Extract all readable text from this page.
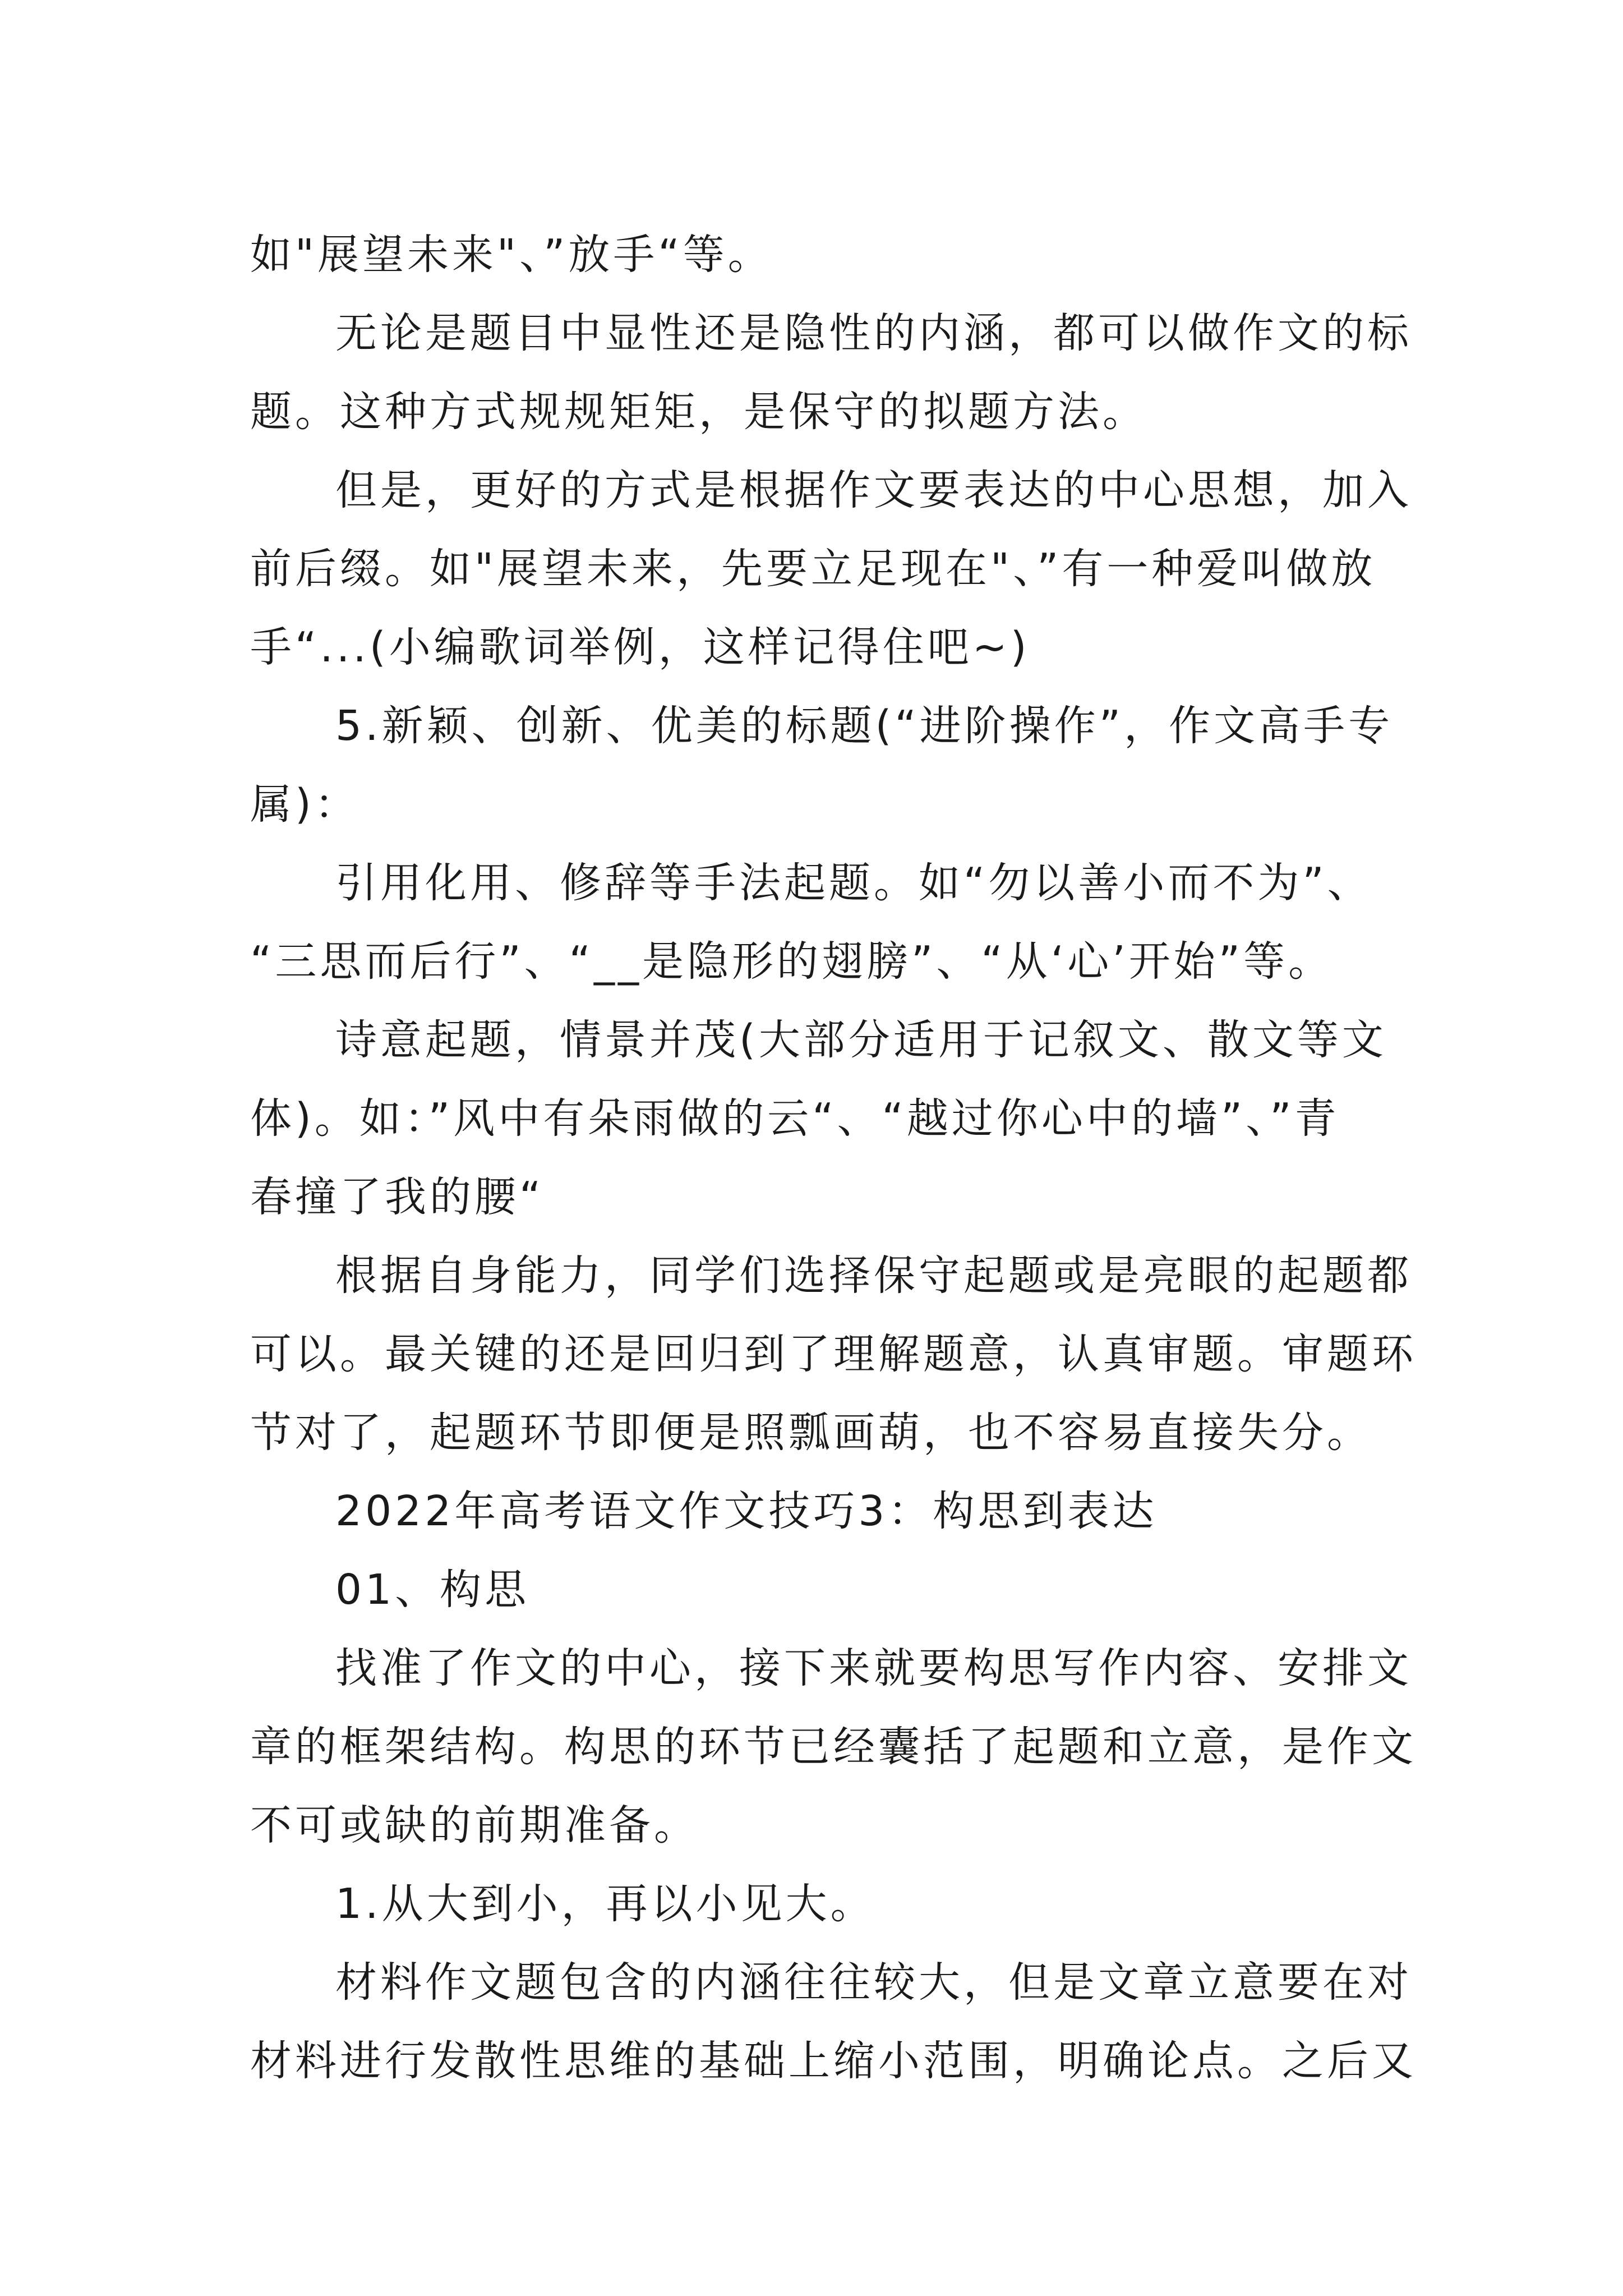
如"展望未来"、”放手“等。
无论是题目中显性还是隐性的内涵，都可以做作文的标
题。这种方式规规矩矩，是保守的拟题方法。
但是，更好的方式是根据作文要表达的中心思想，加入
前后缀。如"展望未来，先要立足现在"、”有一种爱叫做放
手“...(小编歌词举例，这样记得住吧~)
5.新颖、创新、优美的标题(“进阶操作”，作文高手专
属)：
引用化用、修辞等手法起题。如“勿以善小而不为”、
“三思而后行”、“__是隐形的翅膀”、“从‘心’开始”等。
诗意起题，情景并茂(大部分适用于记叙文、散文等文
体)。如：”风中有朵雨做的云“、“越过你心中的墙”、”青
春撞了我的腰“
根据自身能力，同学们选择保守起题或是亮眼的起题都
可以。最关键的还是回归到了理解题意，认真审题。审题环
节对了，起题环节即便是照瓢画葫，也不容易直接失分。
2022年高考语文作文技巧3：构思到表达
01、构思
找准了作文的中心，接下来就要构思写作内容、安排文
章的框架结构。构思的环节已经囊括了起题和立意，是作文
不可或缺的前期准备。
1.从大到小，再以小见大。
材料作文题包含的内涵往往较大，但是文章立意要在对
材料进行发散性思维的基础上缩小范围，明确论点。之后又
